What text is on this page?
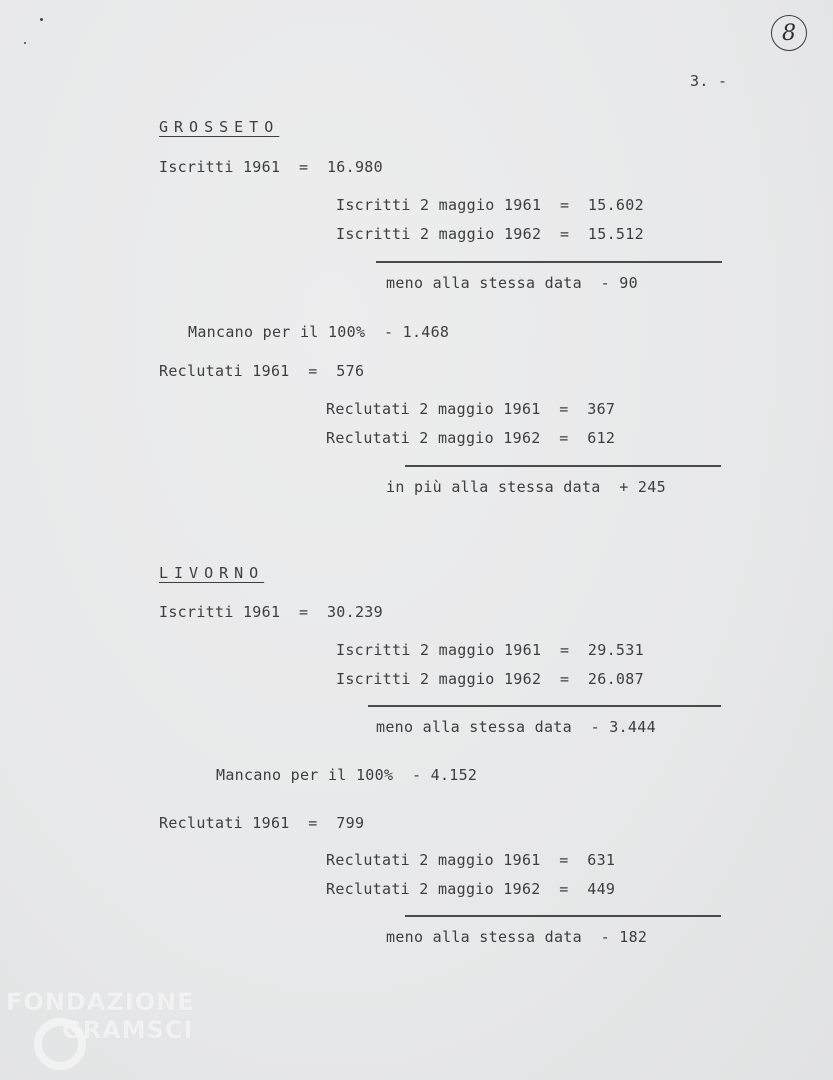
8
3. -
GROSSETO
Iscritti 1961  =  16.980
Iscritti 2 maggio 1961  =  15.602
Iscritti 2 maggio 1962  =  15.512
meno alla stessa data  - 90
Mancano per il 100%  - 1.468
Reclutati 1961  =  576
Reclutati 2 maggio 1961  =  367
Reclutati 2 maggio 1962  =  612
in più alla stessa data  + 245
LIVORNO
Iscritti 1961  =  30.239
Iscritti 2 maggio 1961  =  29.531
Iscritti 2 maggio 1962  =  26.087
meno alla stessa data  - 3.444
Mancano per il 100%  - 4.152
Reclutati 1961  =  799
Reclutati 2 maggio 1961  =  631
Reclutati 2 maggio 1962  =  449
meno alla stessa data  - 182
FONDAZIONE
GRAMSCI
